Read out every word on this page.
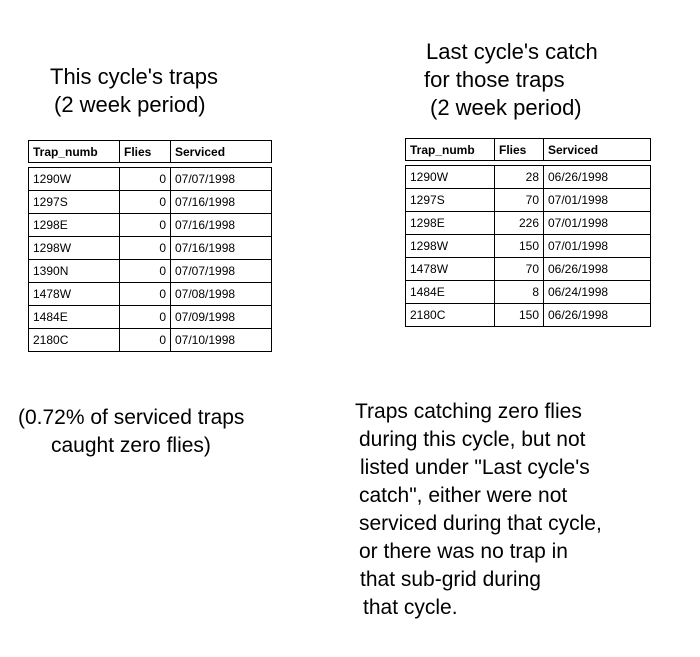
This cycle's traps
(2 week period)
Trap_numb	Flies	Serviced

1290W	0	07/07/1998
1297S	0	07/16/1998
1298E	0	07/16/1998
1298W	0	07/16/1998
1390N	0	07/07/1998
1478W	0	07/08/1998
1484E	0	07/09/1998
2180C	0	07/10/1998
Last cycle's catch
for those traps
(2 week period)
Trap_numb	Flies	Serviced

1290W	28	06/26/1998
1297S	70	07/01/1998
1298E	226	07/01/1998
1298W	150	07/01/1998
1478W	70	06/26/1998
1484E	8	06/24/1998
2180C	150	06/26/1998
(0.72% of serviced traps
caught zero flies)
Traps catching zero flies
during this cycle, but not
listed under "Last cycle's
catch", either were not
serviced during that cycle,
or there was no trap in
that sub-grid during
that cycle.
